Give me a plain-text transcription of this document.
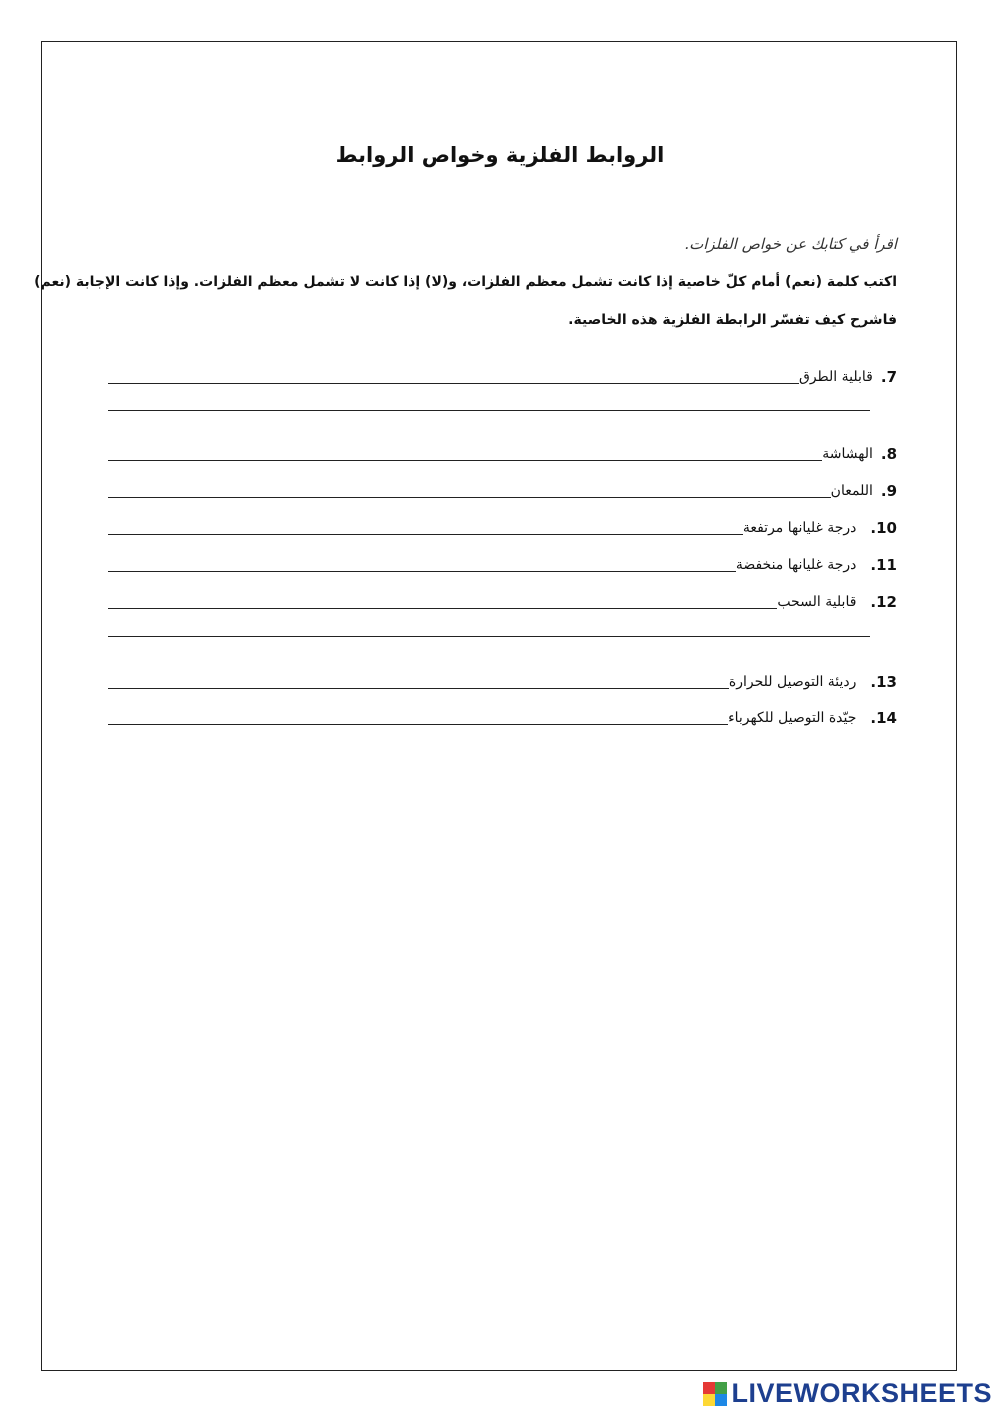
الروابط الفلزية وخواص الروابط
اقرأ في كتابك عن خواص الفلزات.
اكتب كلمة (نعم) أمام كلّ خاصية إذا كانت تشمل معظم الفلزات، و(لا) إذا كانت لا تشمل معظم الفلزات. وإذا كانت الإجابة (نعم)
فاشرح كيف تفسّر الرابطة الفلزية هذه الخاصية.
7.
قابلية الطرق
8.
الهشاشة
9.
اللمعان
10.
درجة غليانها مرتفعة
11.
درجة غليانها منخفضة
12.
قابلية السحب
13.
رديئة التوصيل للحرارة
14.
جيّدة التوصيل للكهرباء
LIVEWORKSHEETS
